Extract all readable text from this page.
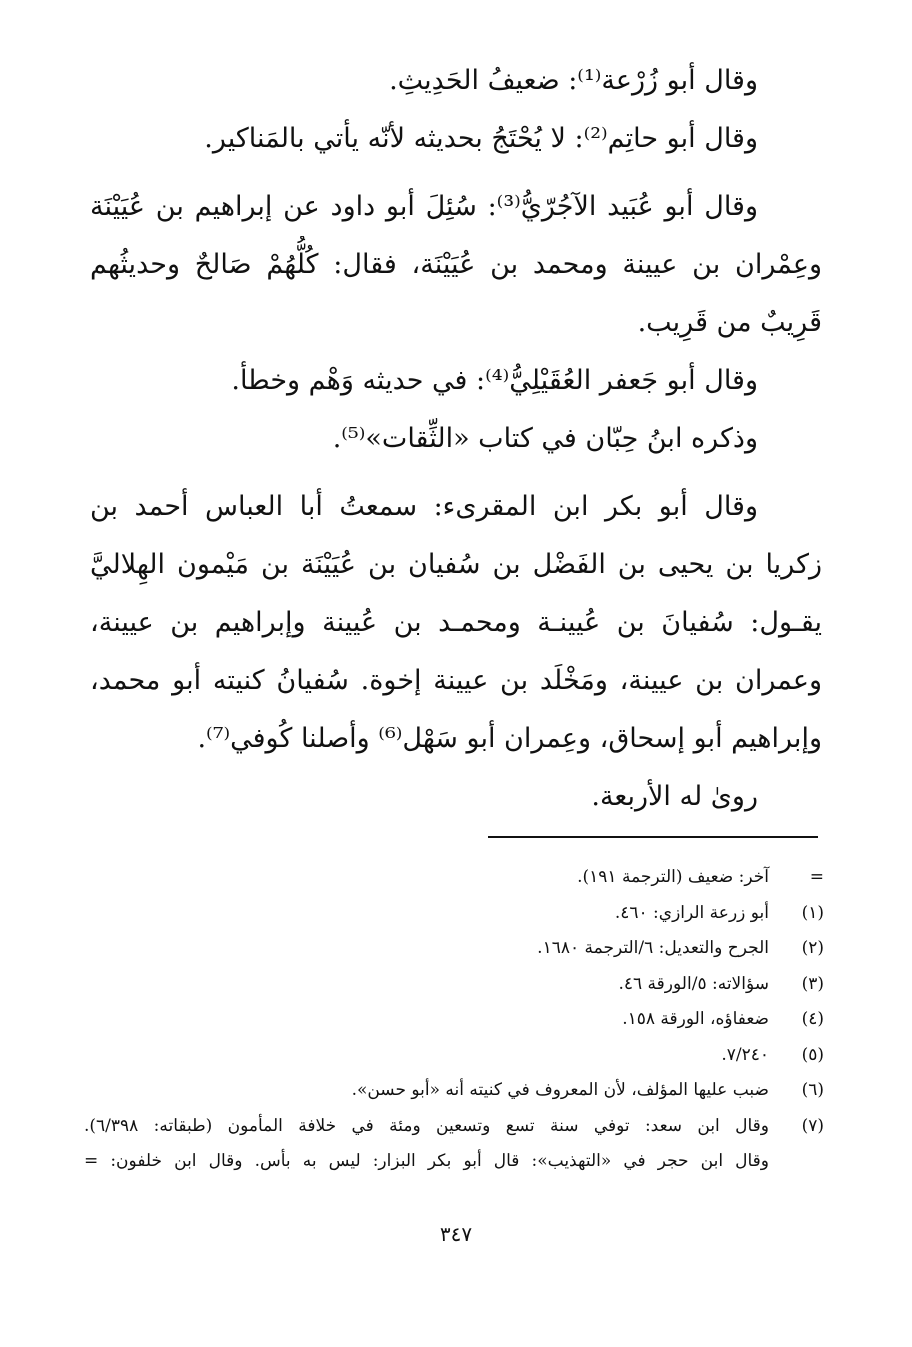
وقال أبو زُرْعة⁽¹⁾: ضعيفُ الحَدِيثِ.
وقال أبو حاتِم⁽²⁾: لا يُحْتَجُ بحديثه لأنّه يأتي بالمَناكير.
وقال أبو عُبَيد الآجُرّيُّ⁽³⁾: سُئِلَ أبو داود عن إبراهيم بن عُيَيْنَة
وعِمْران بن عيينة ومحمد بن عُيَيْنَة، فقال: كُلُّهُمْ صَالحٌ وحديثُهم
قَرِيبٌ من قَرِيب.
وقال أبو جَعفر العُقَيْلِيُّ⁽⁴⁾: في حديثه وَهْم وخطأ.
وذكره ابنُ حِبّان في كتاب «الثِّقات»⁽⁵⁾.
وقال أبو بكر ابن المقرىء: سمعتُ أبا العباس أحمد بن
زكريا بن يحيى بن الفَضْل بن سُفيان بن عُيَيْنَة بن مَيْمون الهِلاليَّ
يقـول: سُفيانَ بن عُيينـة ومحمـد بن عُيينة وإبراهيم بن عيينة،
وعمران بن عيينة، ومَخْلَد بن عيينة إخوة. سُفيانُ كنيته أبو محمد،
وإبراهيم أبو إسحاق، وعِمران أبو سَهْل⁽⁶⁾ وأصلنا كُوفي⁽⁷⁾.
روىٰ له الأربعة.
=
آخر: ضعيف (الترجمة ١٩١).
(١)
أبو زرعة الرازي: ٤٦٠.
(٢)
الجرح والتعديل: ٦/الترجمة ١٦٨٠.
(٣)
سؤالاته: ٥/الورقة ٤٦.
(٤)
ضعفاؤه، الورقة ١٥٨.
(٥)
٧/٢٤٠.
(٦)
ضبب عليها المؤلف، لأن المعروف في كنيته أنه «أبو حسن».
(٧)
وقال ابن سعد: توفي سنة تسع وتسعين ومئة في خلافة المأمون (طبقاته: ٦/٣٩٨).
وقال ابن حجر في «التهذيب»: قال أبو بكر البزار: ليس به بأس. وقال ابن خلفون: =
٣٤٧
